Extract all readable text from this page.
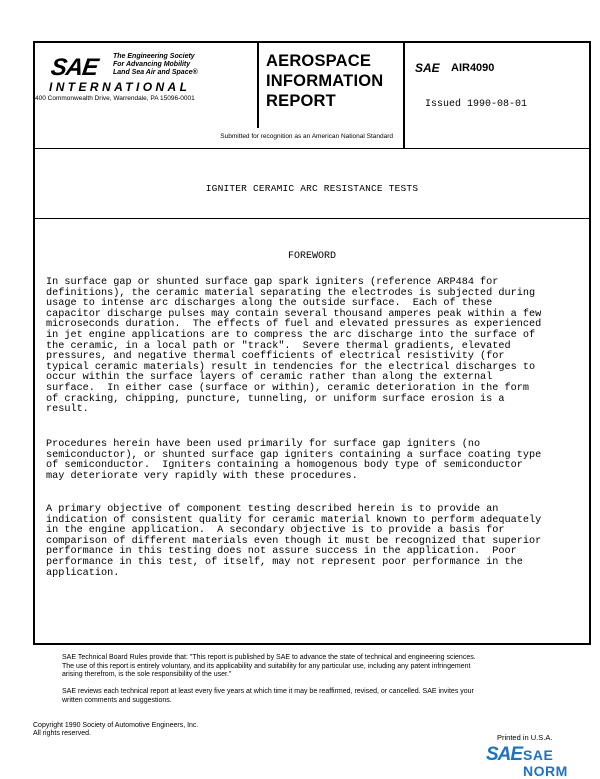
SAE The Engineering Society
For Advancing Mobility
Land Sea Air and Space®
INTERNATIONAL
400 Commonwealth Drive, Warrendale, PA 15096-0001
AEROSPACE
INFORMATION
REPORT
SAE AIR4090
Issued 1990-08-01
Submitted for recognition as an American National Standard
IGNITER CERAMIC ARC RESISTANCE TESTS
FOREWORD

In surface gap or shunted surface gap spark igniters (reference ARP484 for
definitions), the ceramic material separating the electrodes is subjected during
usage to intense arc discharges along the outside surface.  Each of these
capacitor discharge pulses may contain several thousand amperes peak within a few
microseconds duration.  The effects of fuel and elevated pressures as experienced
in jet engine applications are to compress the arc discharge into the surface of
the ceramic, in a local path or "track".  Severe thermal gradients, elevated
pressures, and negative thermal coefficients of electrical resistivity (for
typical ceramic materials) result in tendencies for the electrical discharges to
occur within the surface layers of ceramic rather than along the external
surface.  In either case (surface or within), ceramic deterioration in the form
of cracking, chipping, puncture, tunneling, or uniform surface erosion is a
result.

Procedures herein have been used primarily for surface gap igniters (no
semiconductor), or shunted surface gap igniters containing a surface coating type
of semiconductor.  Igniters containing a homogenous body type of semiconductor
may deteriorate very rapidly with these procedures.

A primary objective of component testing described herein is to provide an
indication of consistent quality for ceramic material known to perform adequately
in the engine application.  A secondary objective is to provide a basis for
comparison of different materials even though it must be recognized that superior
performance in this testing does not assure success in the application.  Poor
performance in this test, of itself, may not represent poor performance in the
application.

SAE Technical Board Rules provide that: "This report is published by SAE to advance the state of technical and engineering sciences.
The use of this report is entirely voluntary, and its applicability and suitability for any particular use, including any patent infringement
arising therefrom, is the sole responsibility of the user."
SAE reviews each technical report at least every five years at which time it may be reaffirmed, revised, or cancelled. SAE invites your
written comments and suggestions.
Copyright 1990 Society of Automotive Engineers, Inc.
All rights reserved.	Printed in U.S.A.
SAE SAE NORM
